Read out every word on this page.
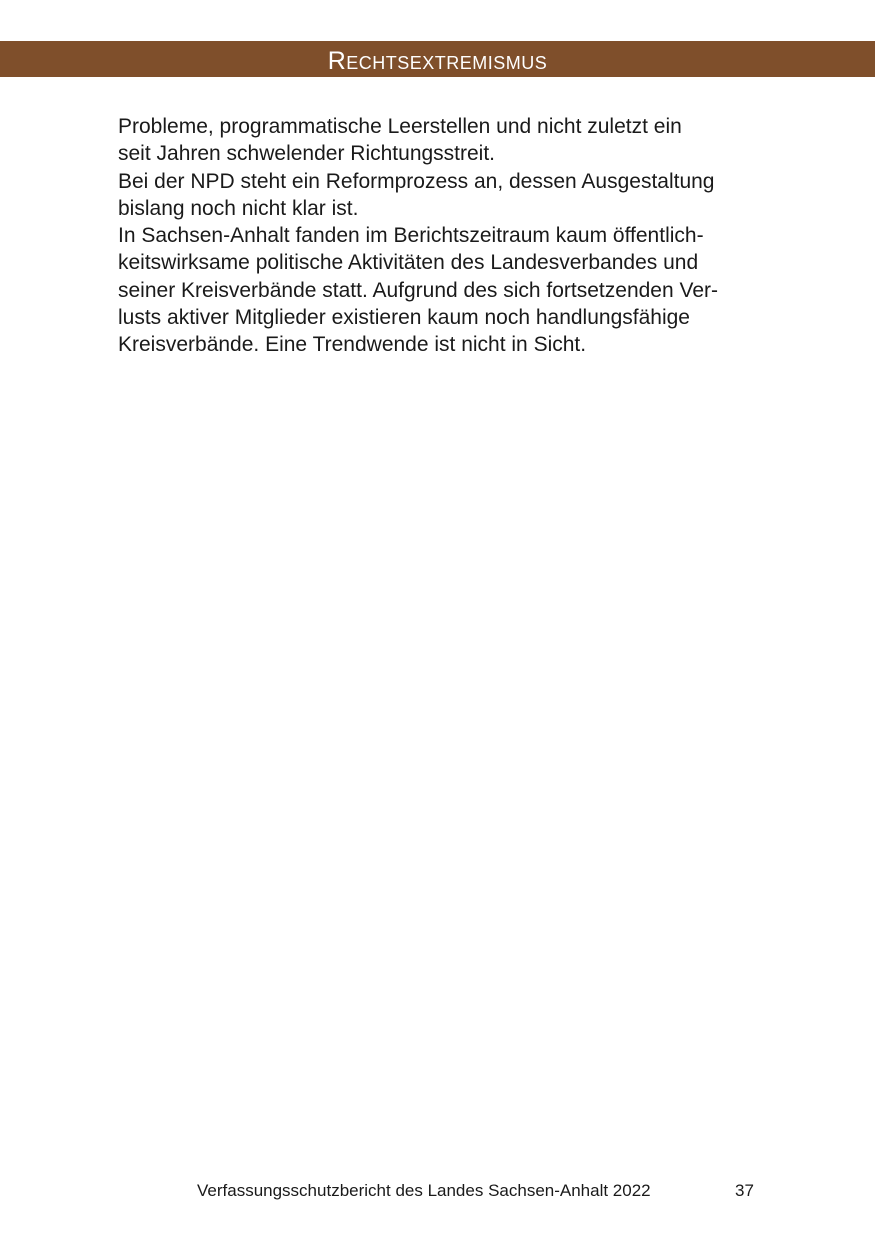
Rechtsextremismus
Probleme, programmatische Leerstellen und nicht zuletzt ein
seit Jahren schwelender Richtungsstreit.
Bei der NPD steht ein Reformprozess an, dessen Ausgestaltung
bislang noch nicht klar ist.
In Sachsen-Anhalt fanden im Berichtszeitraum kaum öffentlich-
keitswirksame politische Aktivitäten des Landesverbandes und
seiner Kreisverbände statt. Aufgrund des sich fortsetzenden Ver-
lusts aktiver Mitglieder existieren kaum noch handlungsfähige
Kreisverbände. Eine Trendwende ist nicht in Sicht.
Verfassungsschutzbericht des Landes Sachsen-Anhalt 2022	37
